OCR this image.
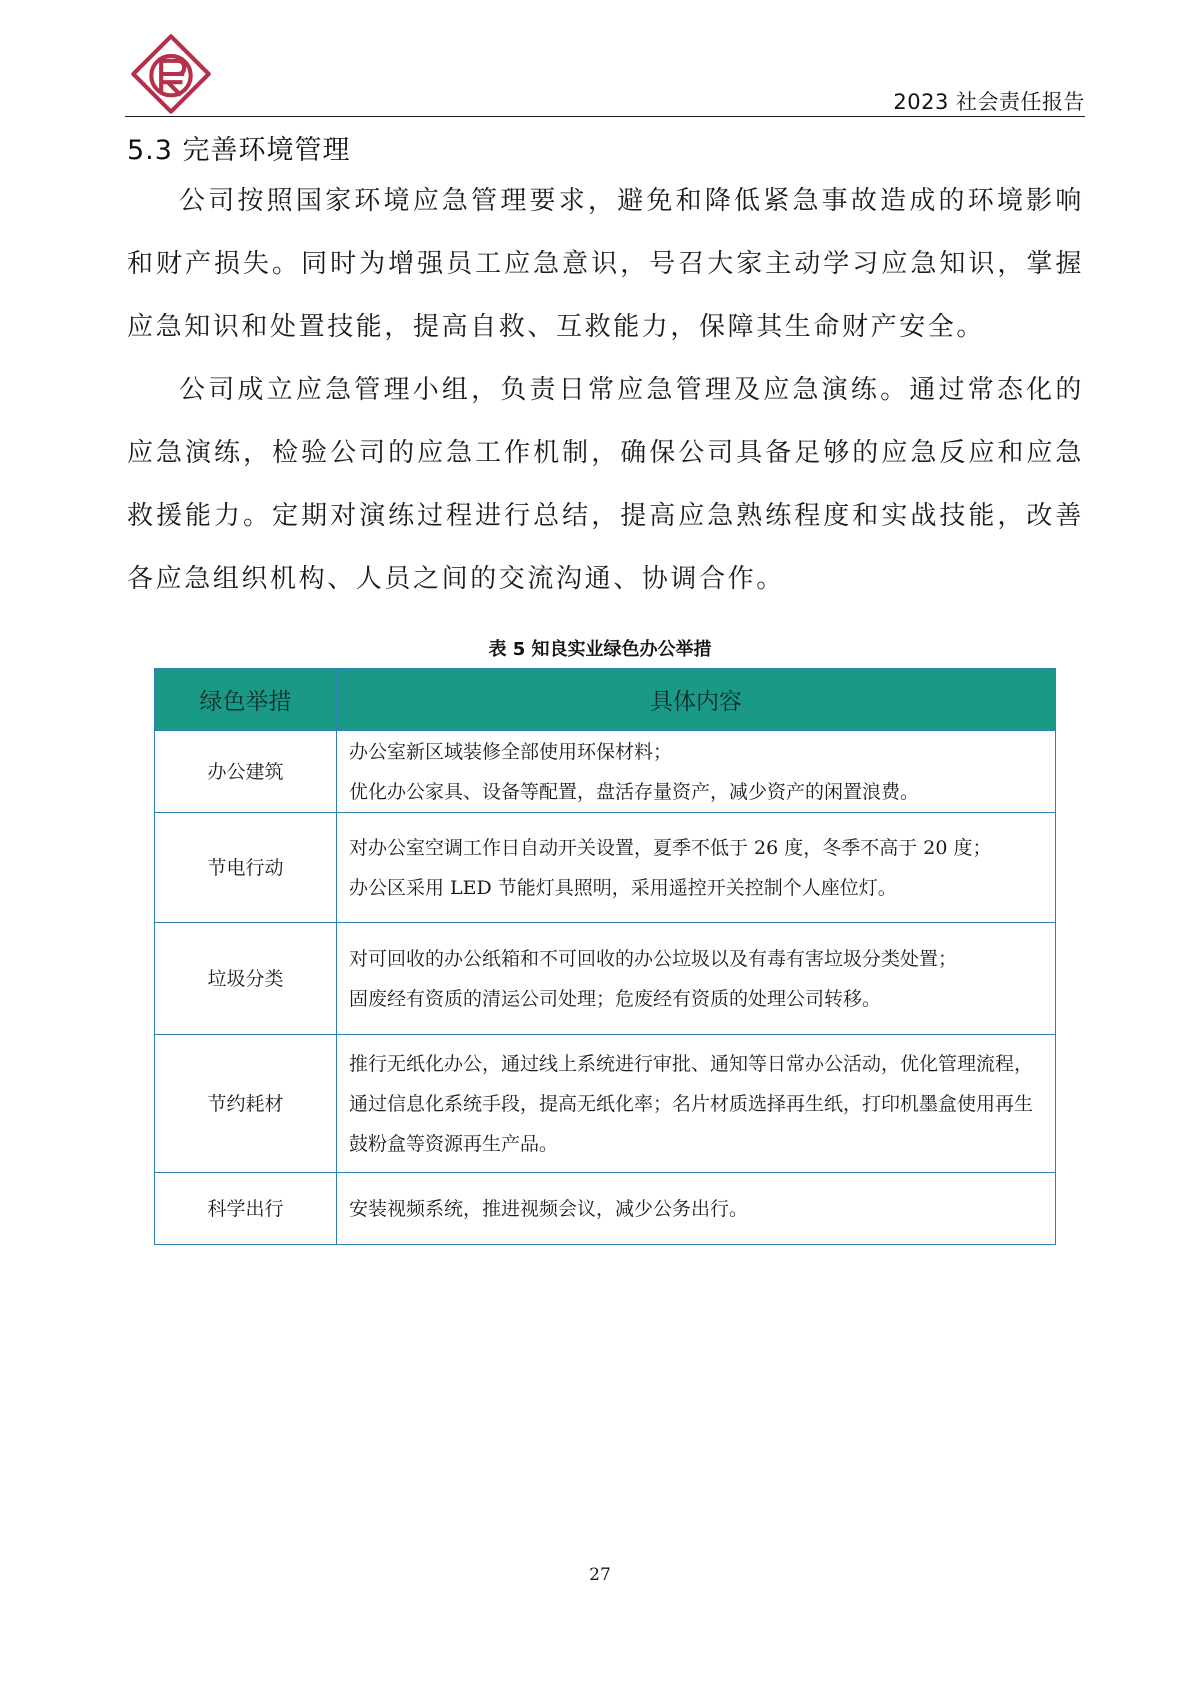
2023 社会责任报告
5.3 完善环境管理

公司按照国家环境应急管理要求，避免和降低紧急事故造成的环境影响和财产损失。同时为增强员工应急意识，号召大家主动学习应急知识，掌握应急知识和处置技能，提高自救、互救能力，保障其生命财产安全。

公司成立应急管理小组，负责日常应急管理及应急演练。通过常态化的应急演练，检验公司的应急工作机制，确保公司具备足够的应急反应和应急救援能力。定期对演练过程进行总结，提高应急熟练程度和实战技能，改善各应急组织机构、人员之间的交流沟通、协调合作。

表 5 知良实业绿色办公举措
绿色举措	具体内容
办公建筑	办公室新区域装修全部使用环保材料；
优化办公家具、设备等配置，盘活存量资产，减少资产的闲置浪费。

节电行动	对办公室空调工作日自动开关设置，夏季不低于 26 度，冬季不高于 20 度；
办公区采用 LED 节能灯具照明，采用遥控开关控制个人座位灯。

垃圾分类	对可回收的办公纸箱和不可回收的办公垃圾以及有毒有害垃圾分类处置；
固废经有资质的清运公司处理；危废经有资质的处理公司转移。

节约耗材	推行无纸化办公，通过线上系统进行审批、通知等日常办公活动，优化管理流程，通过信息化系统手段，提高无纸化率；名片材质选择再生纸，打印机墨盒使用再生鼓粉盒等资源再生产品。

科学出行	安装视频系统，推进视频会议，减少公务出行。
27
